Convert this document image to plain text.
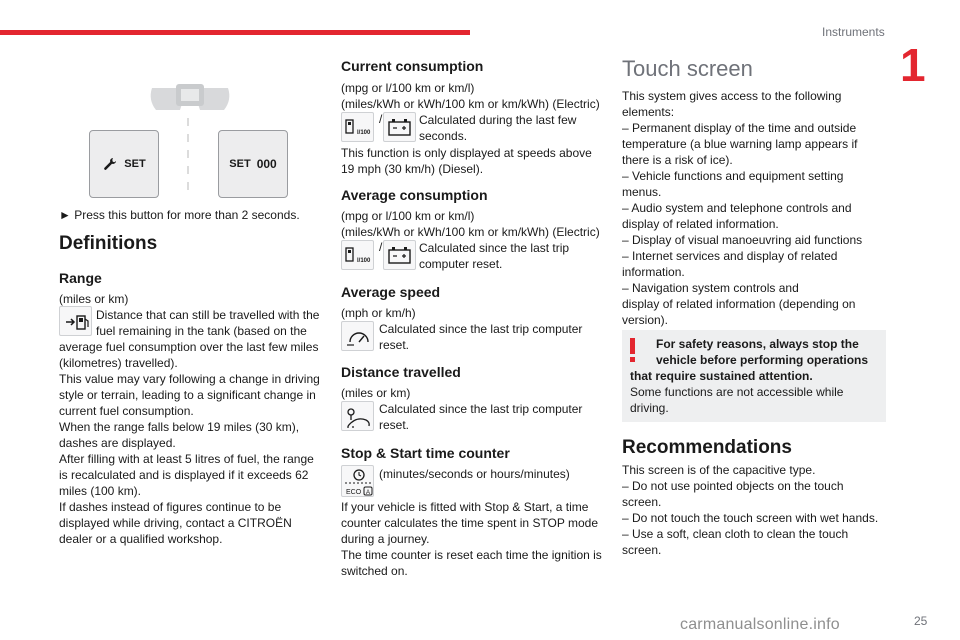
Instruments
1
SET	SET 000
► Press this button for more than 2 seconds.
Definitions
Range
(miles or km)
Distance that can still be travelled with the
fuel remaining in the tank (based on the
average fuel consumption over the last few miles
(kilometres) travelled).
This value may vary following a change in driving
style or terrain, leading to a significant change in
current fuel consumption.
When the range falls below 19 miles (30 km),
dashes are displayed.
After filling with at least 5 litres of fuel, the range
is recalculated and is displayed if it exceeds 62
miles (100 km).
If dashes instead of figures continue to be
displayed while driving, contact a CITROËN
dealer or a qualified workshop.
Current consumption
(mpg or l/100 km or km/l)
(miles/kWh or kWh/100 km or km/kWh) (Electric)
l/100
/	Calculated during the last few
seconds.
This function is only displayed at speeds above
19 mph (30 km/h) (Diesel).
Average consumption
(mpg or l/100 km or km/l)
(miles/kWh or kWh/100 km or km/kWh) (Electric)
l/100
/	Calculated since the last trip
computer reset.
Average speed
(mph or km/h)
Calculated since the last trip computer
reset.
Distance travelled
(miles or km)
Calculated since the last trip computer
reset.
Stop & Start time counter
ECO A
(minutes/seconds or hours/minutes)
If your vehicle is fitted with Stop & Start, a time
counter calculates the time spent in STOP mode
during a journey.
The time counter is reset each time the ignition is
switched on.
Touch screen
This system gives access to the following
elements:
– Permanent display of the time and outside
temperature (a blue warning lamp appears if
there is a risk of ice).
– Vehicle functions and equipment setting
menus.
– Audio system and telephone controls and
display of related information.
– Display of visual manoeuvring aid functions
– Internet services and display of related
information.
– Navigation system controls and
display of related information (depending on
version).
For safety reasons, always stop the
vehicle before performing operations
that require sustained attention.
Some functions are not accessible while
driving.
Recommendations
This screen is of the capacitive type.
– Do not use pointed objects on the touch
screen.
– Do not touch the touch screen with wet hands.
– Use a soft, clean cloth to clean the touch
screen.
carmanualsonline.info	25
